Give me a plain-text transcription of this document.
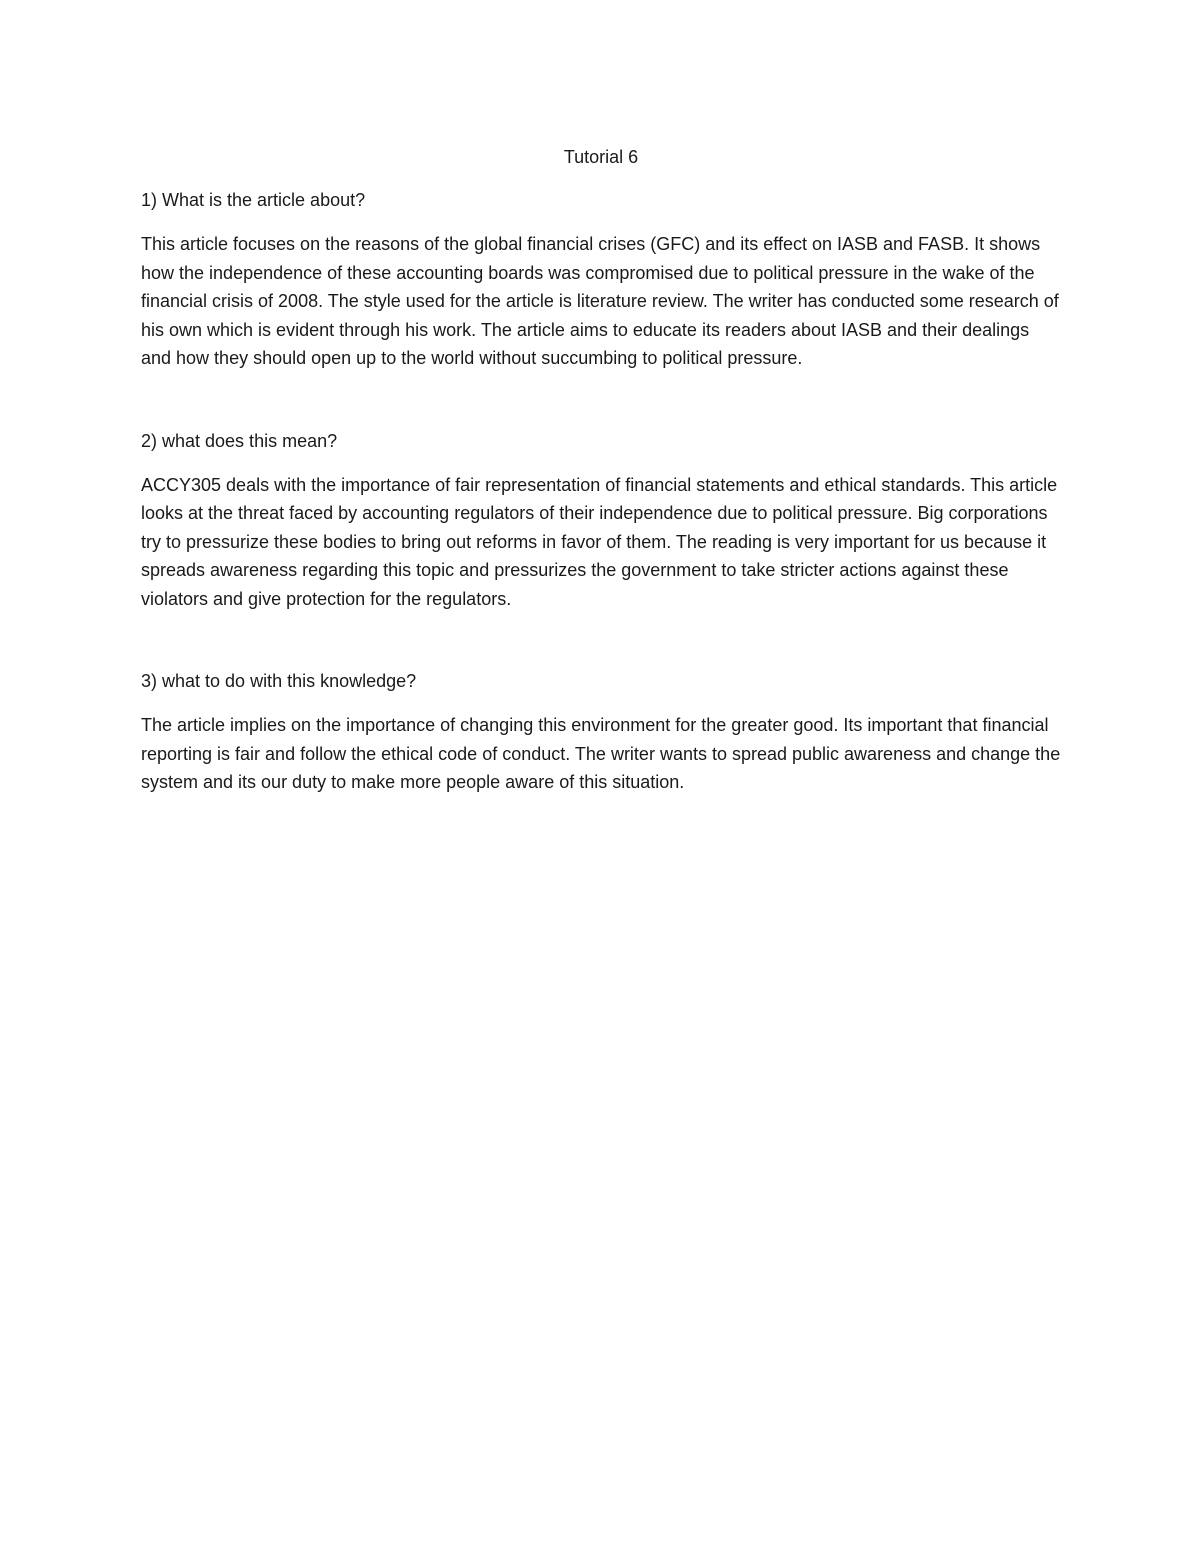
Tutorial 6

1) What is the article about?

This article focuses on the reasons of the global financial crises (GFC) and its effect on IASB and FASB. It shows how the independence of these accounting boards was compromised due to political pressure in the wake of the financial crisis of 2008. The style used for the article is literature review. The writer has conducted some research of his own which is evident through his work. The article aims to educate its readers about IASB and their dealings and how they should open up to the world without succumbing to political pressure.

2) what does this mean?

ACCY305 deals with the importance of fair representation of financial statements and ethical standards. This article looks at the threat faced by accounting regulators of their independence due to political pressure. Big corporations try to pressurize these bodies to bring out reforms in favor of them. The reading is very important for us because it spreads awareness regarding this topic and pressurizes the government to take stricter actions against these violators and give protection for the regulators.

3) what to do with this knowledge?

The article implies on the importance of changing this environment for the greater good. Its important that financial reporting is fair and follow the ethical code of conduct. The writer wants to spread public awareness and change the system and its our duty to make more people aware of this situation.
